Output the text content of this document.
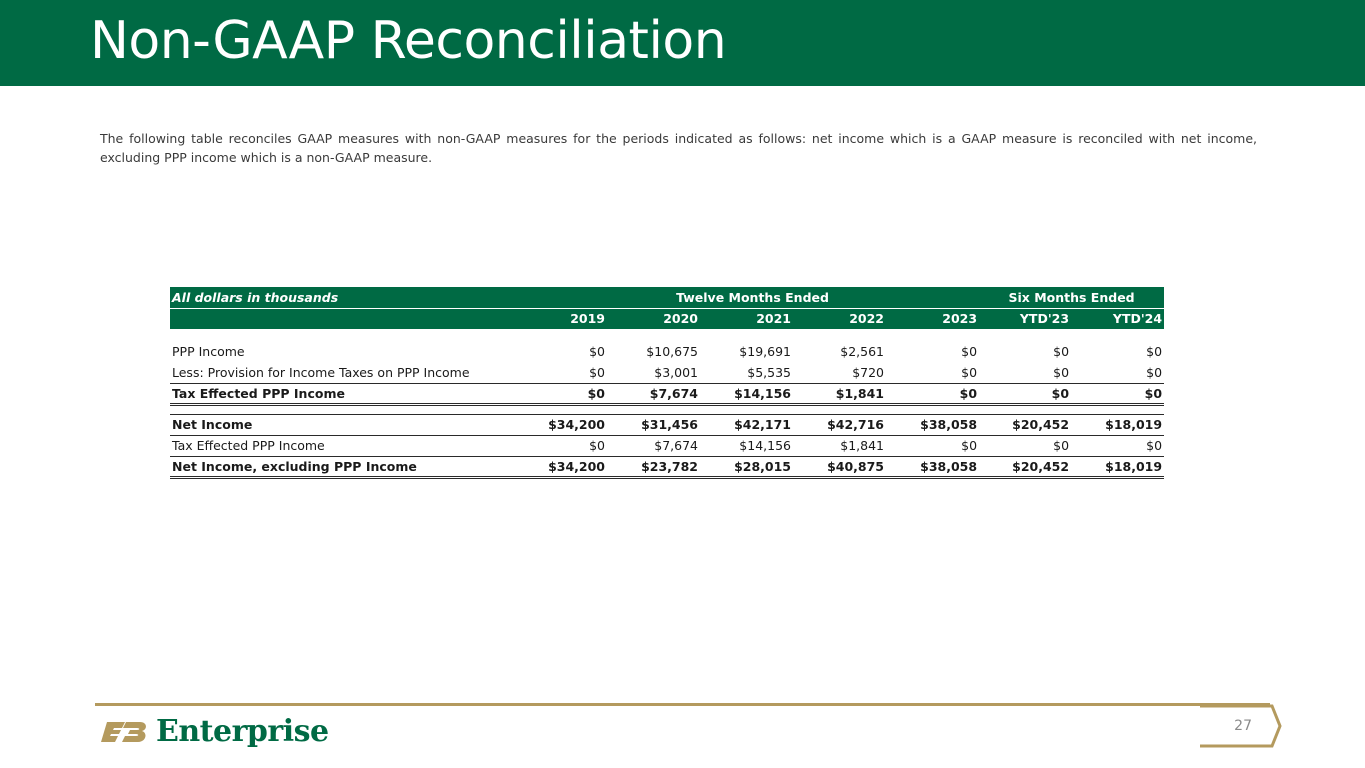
Non-GAAP Reconciliation

The following table reconciles GAAP measures with non-GAAP measures for the periods indicated as follows: net income which is a GAAP measure is reconciled with net income, excluding PPP income which is a non-GAAP measure.

All dollars in thousands	Twelve Months Ended					Six Months Ended	
	2019	2020	2021	2022	2023	YTD'23	YTD'24

PPP Income	$0	$10,675	$19,691	$2,561	$0	$0	$0
Less: Provision for Income Taxes on PPP Income	$0	$3,001	$5,535	$720	$0	$0	$0
Tax Effected PPP Income	$0	$7,674	$14,156	$1,841	$0	$0	$0

Net Income	$34,200	$31,456	$42,171	$42,716	$38,058	$20,452	$18,019
Tax Effected PPP Income	$0	$7,674	$14,156	$1,841	$0	$0	$0
Net Income, excluding PPP Income	$34,200	$23,782	$28,015	$40,875	$38,058	$20,452	$18,019
Enterprise	27
